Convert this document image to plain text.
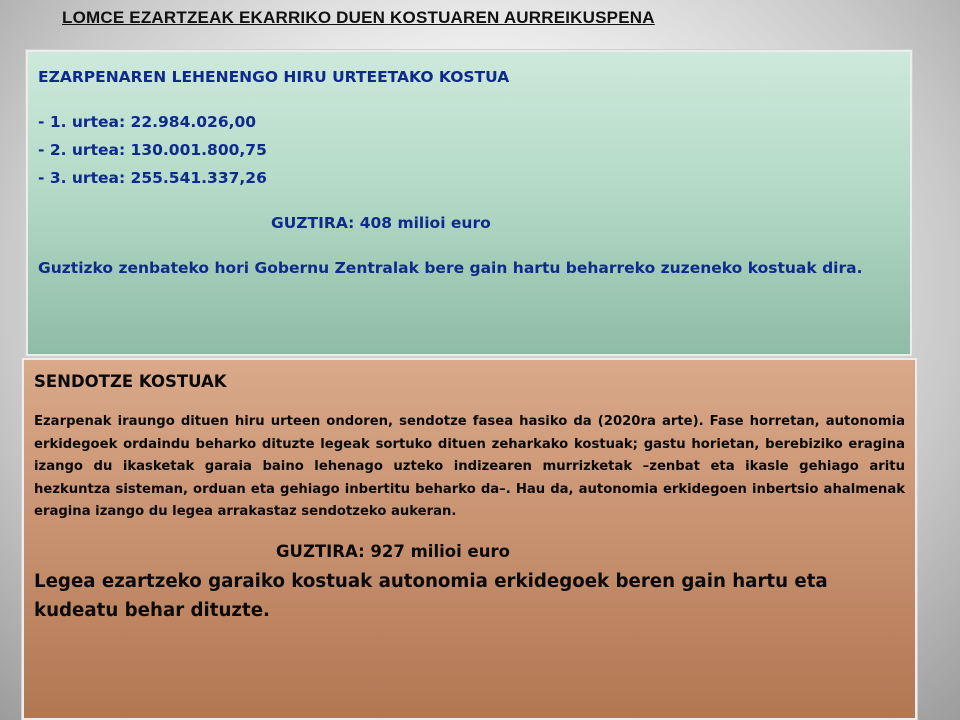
LOMCE EZARTZEAK EKARRIKO DUEN KOSTUAREN AURREIKUSPENA
EZARPENAREN LEHENENGO HIRU URTEETAKO KOSTUA
- 1. urtea: 22.984.026,00
- 2. urtea: 130.001.800,75
- 3. urtea: 255.541.337,26
GUZTIRA: 408 milioi euro
Guztizko zenbateko hori Gobernu Zentralak bere gain hartu beharreko zuzeneko kostuak dira.
SENDOTZE KOSTUAK
Ezarpenak iraungo dituen hiru urteen ondoren, sendotze fasea hasiko da (2020ra arte). Fase horretan, autonomia erkidegoek ordaindu beharko dituzte legeak sortuko dituen zeharkako kostuak; gastu horietan, berebiziko eragina izango du ikasketak garaia baino lehenago uzteko indizearen murrizketak –zenbat eta ikasle gehiago aritu hezkuntza sisteman, orduan eta gehiago inbertitu beharko da–. Hau da, autonomia erkidegoen inbertsio ahalmenak eragina izango du legea arrakastaz sendotzeko aukeran.
GUZTIRA: 927 milioi euro
Legea ezartzeko garaiko kostuak autonomia erkidegoek beren gain hartu eta kudeatu behar dituzte.
